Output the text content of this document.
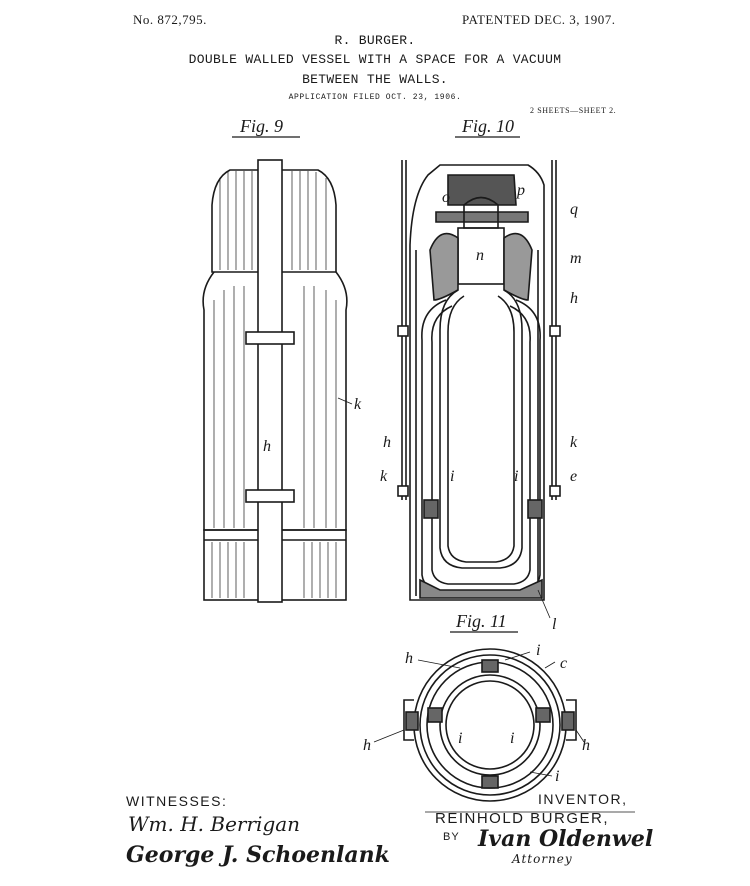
No. 872,795.	PATENTED DEC. 3, 1907.
R. BURGER.
DOUBLE WALLED VESSEL WITH A SPACE FOR A VACUUM
BETWEEN THE WALLS.
APPLICATION FILED OCT. 23, 1906.
2 SHEETS—SHEET 2.
Fig. 9	Fig. 10
Fig. 11
k
h
o	p
q
n	m
h
h
k
k
i	i	e
l
h	i
c
h	i	i	h
i
WITNESSES:
Wm. H. Berrigan
George J. Schoenlank
INVENTOR,
REINHOLD BURGER,
BY Ivan Oldenwel
Attorney
